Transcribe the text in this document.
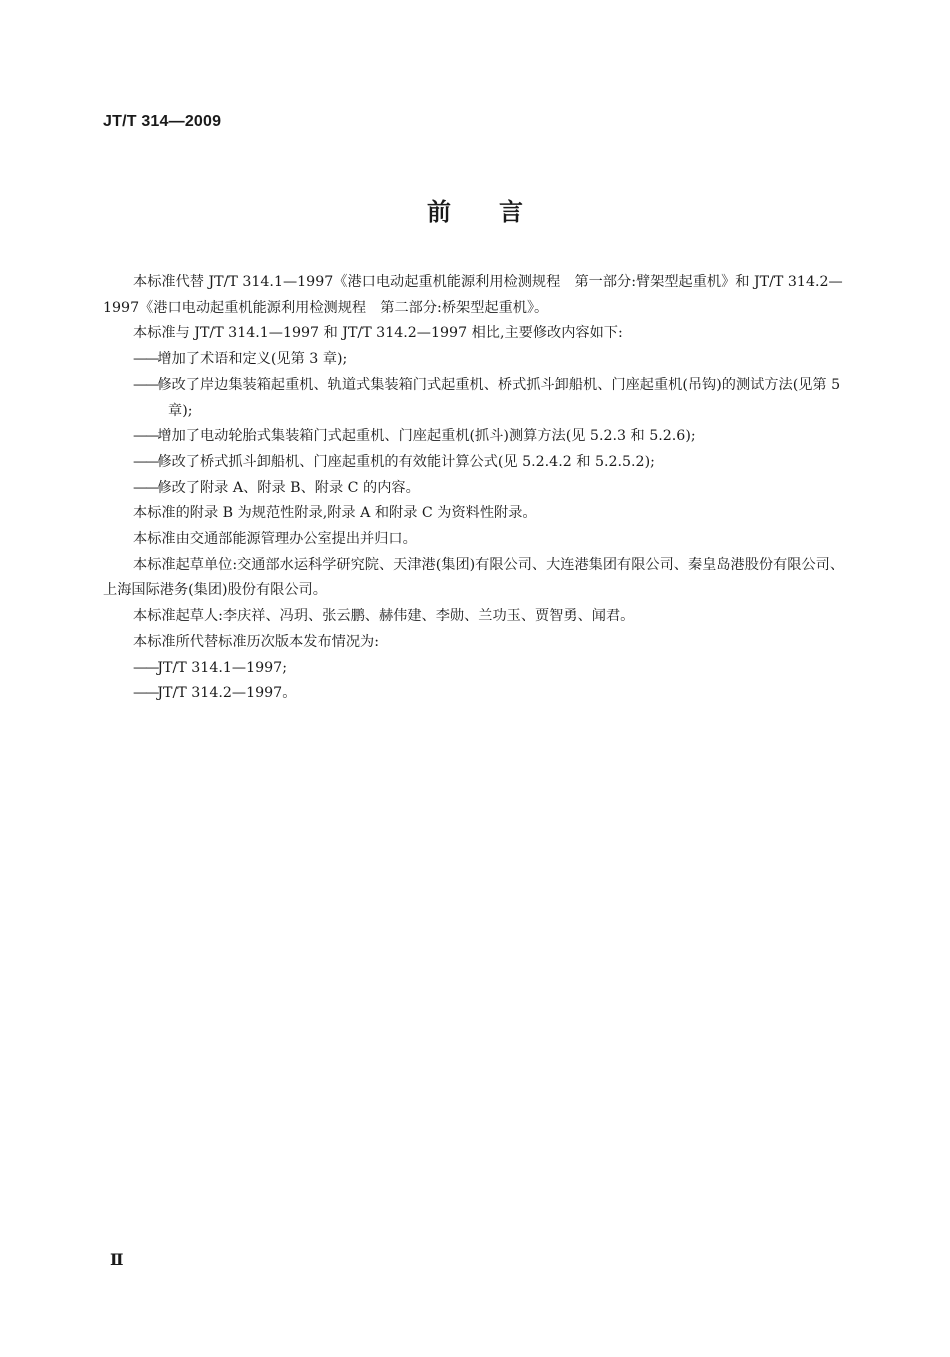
JT/T 314—2009
前言

本标准代替 JT/T 314.1—1997《港口电动起重机能源利用检测规程　第一部分:臂架型起重机》和 JT/T 314.2—1997《港口电动起重机能源利用检测规程　第二部分:桥架型起重机》。

本标准与 JT/T 314.1—1997 和 JT/T 314.2—1997 相比,主要修改内容如下:

——增加了术语和定义(见第 3 章);

——修改了岸边集装箱起重机、轨道式集装箱门式起重机、桥式抓斗卸船机、门座起重机(吊钩)的测试方法(见第 5 章);

——增加了电动轮胎式集装箱门式起重机、门座起重机(抓斗)测算方法(见 5.2.3 和 5.2.6);

——修改了桥式抓斗卸船机、门座起重机的有效能计算公式(见 5.2.4.2 和 5.2.5.2);

——修改了附录 A、附录 B、附录 C 的内容。

本标准的附录 B 为规范性附录,附录 A 和附录 C 为资料性附录。

本标准由交通部能源管理办公室提出并归口。

本标准起草单位:交通部水运科学研究院、天津港(集团)有限公司、大连港集团有限公司、秦皇岛港股份有限公司、上海国际港务(集团)股份有限公司。

本标准起草人:李庆祥、冯玥、张云鹏、赫伟建、李勋、兰功玉、贾智勇、闻君。

本标准所代替标准历次版本发布情况为:

——JT/T 314.1—1997;

——JT/T 314.2—1997。

Ⅱ
